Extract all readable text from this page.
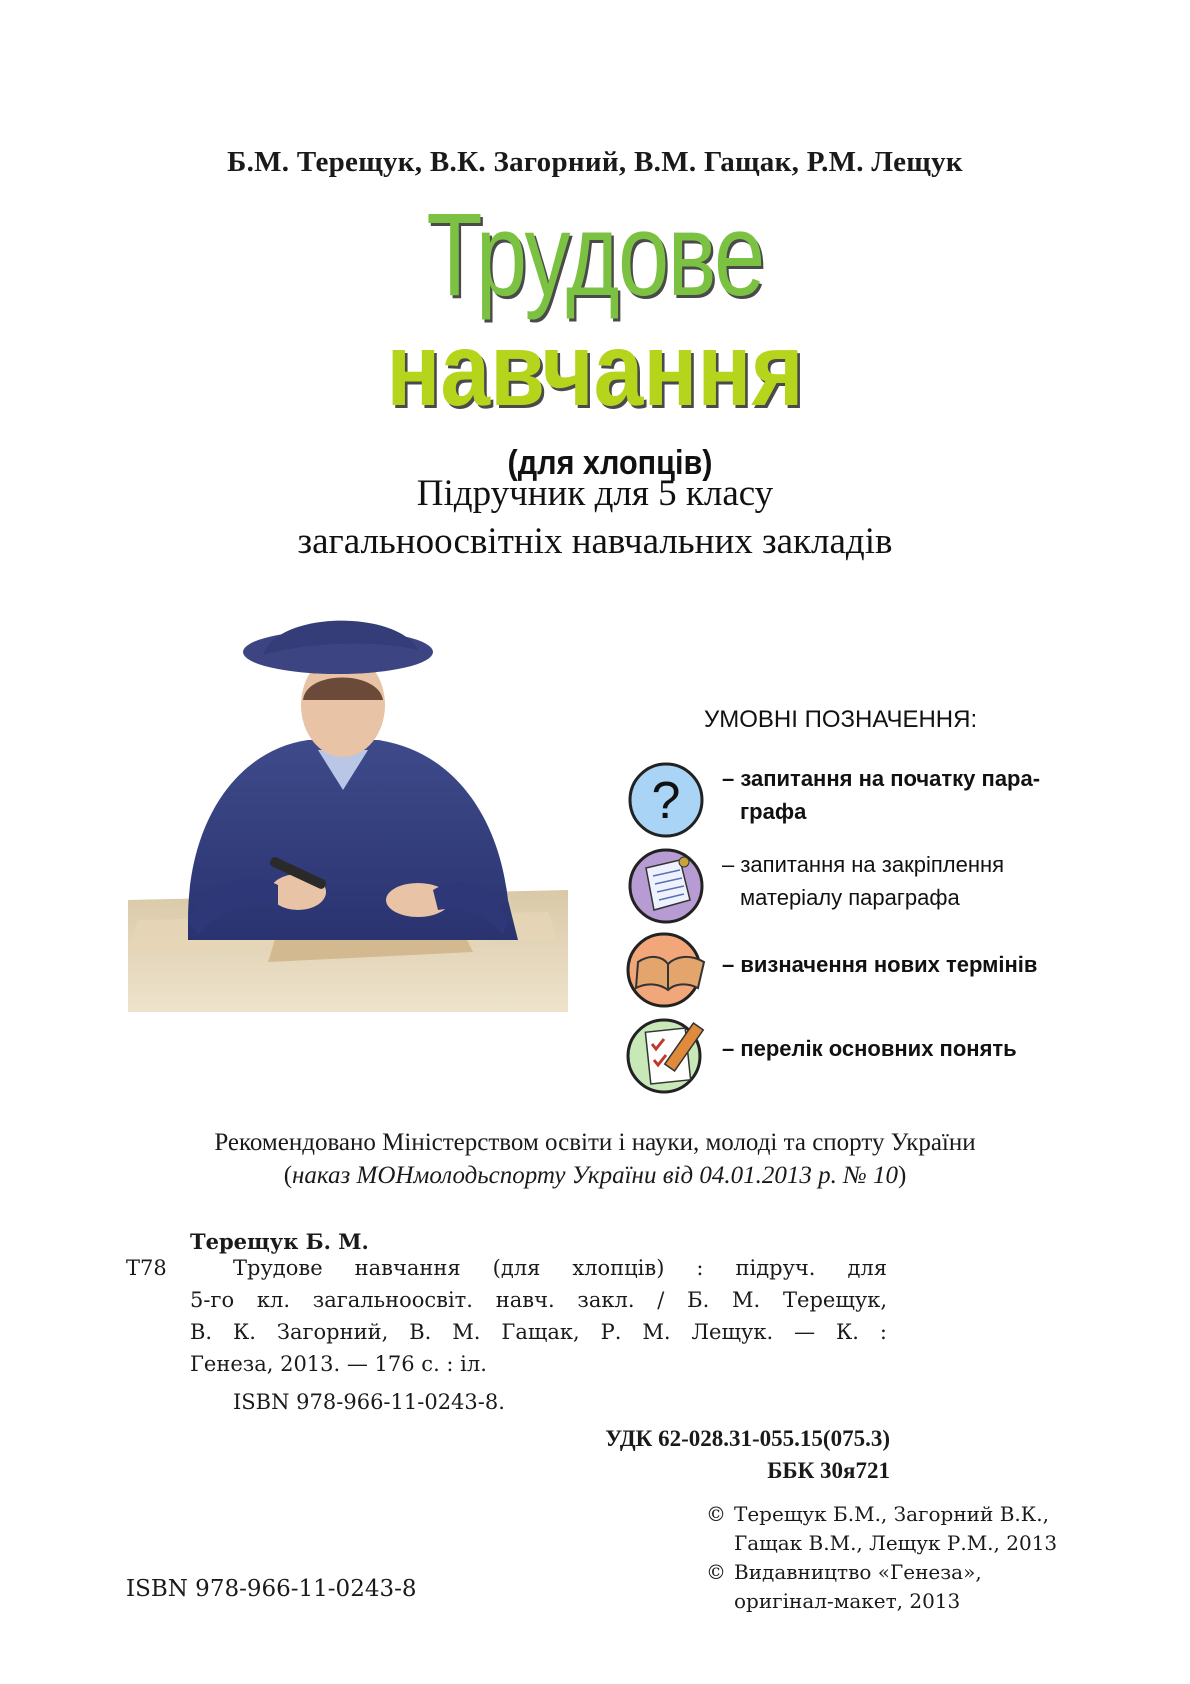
Б.М. Терещук, В.К. Загорний, В.М. Гащак, Р.М. Лещук
Трудове
навчання
(для хлопців)
Підручник для 5 класу
загальноосвітніх навчальних закладів
УМОВНІ ПОЗНАЧЕННЯ:
? – запитання на початку пара-
графа
– запитання на закріплення
матеріалу параграфа
– визначення нових термінів
– перелік основних понять
Рекомендовано Міністерством освіти і науки, молоді та спорту України
(наказ МОНмолодьспорту України від 04.01.2013 р. № 10)
Терещук Б. М.
Т78	Трудове навчання (для хлопців) : підруч. для
5-го кл. загальноосвіт. навч. закл. / Б. М. Терещук,
В. К. Загорний, В. М. Гащак, Р. М. Лещук. — К. :
Генеза, 2013. — 176 с. : іл.
ISBN 978-966-11-0243-8.
УДК 62-028.31-055.15(075.3)
ББК 30я721
© Терещук Б.М., Загорний В.К.,
Гащак В.М., Лещук Р.М., 2013
© Видавництво «Генеза»,
оригінал-макет, 2013
ISBN 978-966-11-0243-8
